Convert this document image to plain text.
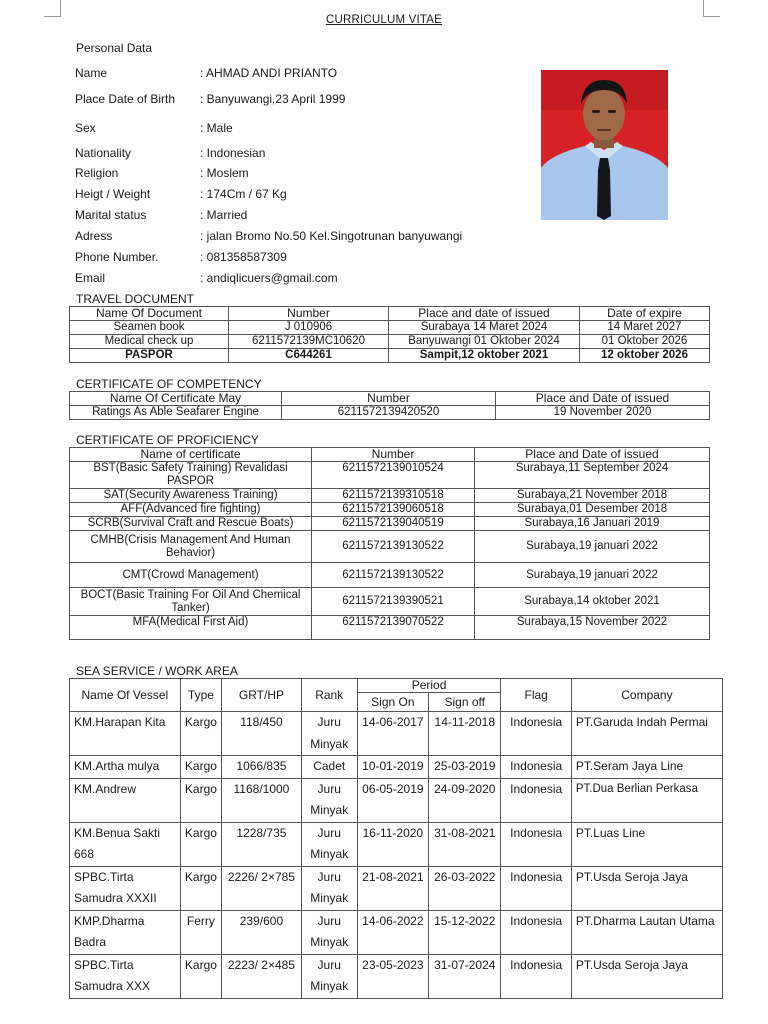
CURRICULUM VITAE
Personal Data
Name	: AHMAD ANDI PRIANTO
Place Date of Birth : Banyuwangi,23 April 1999
Sex	: Male
Nationality	: Indonesian
Religion	: Moslem
Heigt / Weight	: 174Cm / 67 Kg
Marital status	: Married
Adress	: jalan Bromo No.50 Kel.Singotrunan banyuwangi
Phone Number.	: 081358587309
Email	: andiqlicuers@gmail.com
TRAVEL DOCUMENT
Name Of Document	Number	Place and date of issued	Date of expire
Seamen book	J 010906	Surabaya 14 Maret 2024	14 Maret 2027
Medical check up	6211572139MC10620	Banyuwangi 01 Oktober 2024	01 Oktober 2026
PASPOR	C644261	Sampit,12 oktober 2021	12 oktober 2026
CERTIFICATE OF COMPETENCY
Name Of Certificate May	Number	Place and Date of issued
Ratings As Able Seafarer Engine	6211572139420520	19 November 2020
CERTIFICATE OF PROFICIENCY
Name of certificate	Number	Place and Date of issued
BST(Basic Safety Training) Revalidasi PASPOR	6211572139010524	Surabaya,11 September 2024
SAT(Security Awareness Training)	6211572139310518	Surabaya,21 November 2018
AFF(Advanced fire fighting)	6211572139060518	Surabaya,01 Desember 2018
SCRB(Survival Craft and Rescue Boats)	6211572139040519	Surabaya,16 Januari 2019
CMHB(Crisis Management And Human Behavior)	6211572139130522	Surabaya,19 januari 2022
CMT(Crowd Management)	6211572139130522	Surabaya,19 januari 2022
BOCT(Basic Training For Oil And Chemical Tanker)	6211572139390521	Surabaya,14 oktober 2021
MFA(Medical First Aid)	6211572139070522	Surabaya,15 November 2022
SEA SERVICE / WORK AREA
Name Of Vessel	Type	GRT/HP	Rank	Period		Flag	Company
				Sign On	Sign off		
KM.Harapan Kita	Kargo	118/450	Juru Minyak	14-06-2017	14-11-2018	Indonesia	PT.Garuda Indah Permai
KM.Artha mulya	Kargo	1066/835	Cadet	10-01-2019	25-03-2019	Indonesia	PT.Seram Jaya Line
KM.Andrew	Kargo	1168/1000	Juru Minyak	06-05-2019	24-09-2020	Indonesia	PT.Dua Berlian Perkasa
KM.Benua Sakti 668	Kargo	1228/735	Juru Minyak	16-11-2020	31-08-2021	Indonesia	PT.Luas Line
SPBC.Tirta Samudra XXXII	Kargo	2226/ 2×785	Juru Minyak	21-08-2021	26-03-2022	Indonesia	PT.Usda Seroja Jaya
KMP.Dharma Badra	Ferry	239/600	Juru Minyak	14-06-2022	15-12-2022	Indonesia	PT.Dharma Lautan Utama
SPBC.Tirta Samudra XXX	Kargo	2223/ 2×485	Juru Minyak	23-05-2023	31-07-2024	Indonesia	PT.Usda Seroja Jaya
